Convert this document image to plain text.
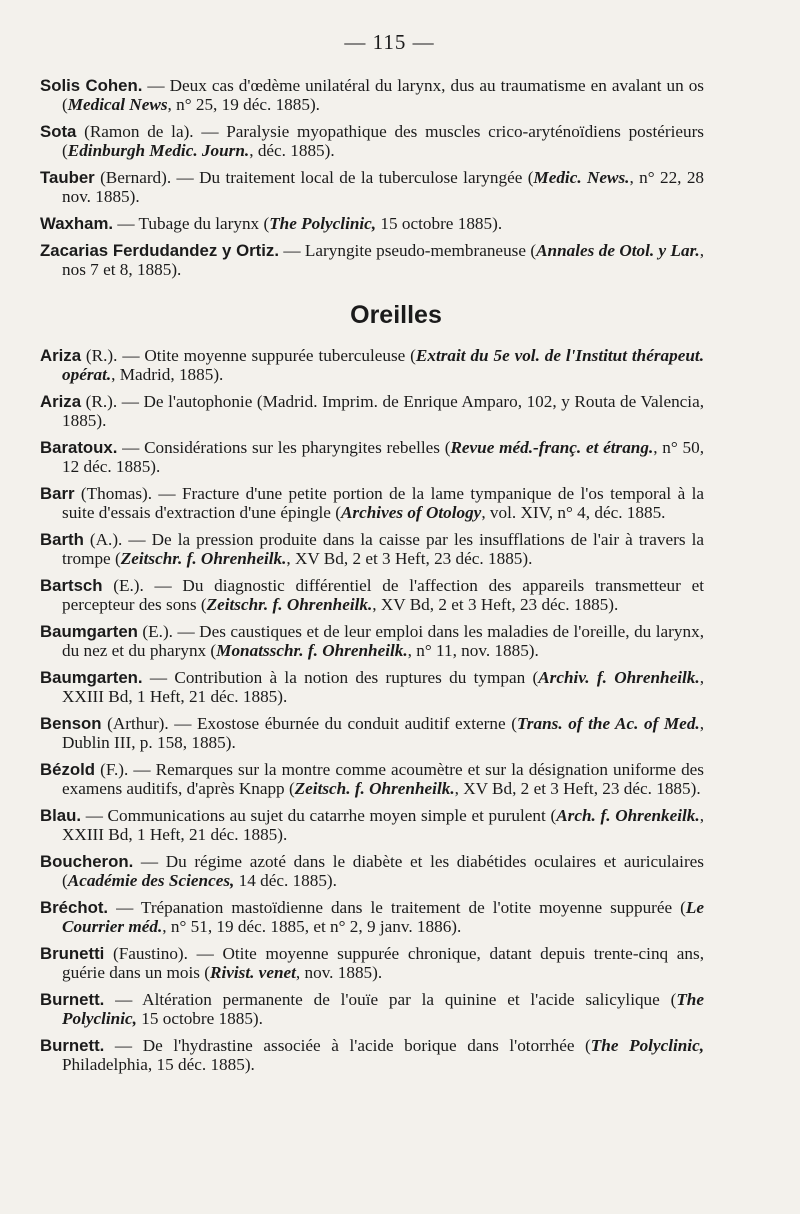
— 115 —
Solis Cohen. — Deux cas d'œdème unilatéral du larynx, dus au traumatisme en avalant un os (Medical News, n° 25, 19 déc. 1885).
Sota (Ramon de la). — Paralysie myopathique des muscles crico-aryténoïdiens postérieurs (Edinburgh Medic. Journ., déc. 1885).
Tauber (Bernard). — Du traitement local de la tuberculose laryngée (Medic. News., n° 22, 28 nov. 1885).
Waxham. — Tubage du larynx (The Polyclinic, 15 octobre 1885).
Zacarias Ferdudandez y Ortiz. — Laryngite pseudo-membraneuse (Annales de Otol. y Lar., nos 7 et 8, 1885).
Oreilles
Ariza (R.). — Otite moyenne suppurée tuberculeuse (Extrait du 5e vol. de l'Institut thérapeut. opérat., Madrid, 1885).
Ariza (R.). — De l'autophonie (Madrid. Imprim. de Enrique Amparo, 102, y Routa de Valencia, 1885).
Baratoux. — Considérations sur les pharyngites rebelles (Revue méd.-franç. et étrang., n° 50, 12 déc. 1885).
Barr (Thomas). — Fracture d'une petite portion de la lame tympanique de l'os temporal à la suite d'essais d'extraction d'une épingle (Archives of Otology, vol. XIV, n° 4, déc. 1885.
Barth (A.). — De la pression produite dans la caisse par les insufflations de l'air à travers la trompe (Zeitschr. f. Ohrenheilk., XV Bd, 2 et 3 Heft, 23 déc. 1885).
Bartsch (E.). — Du diagnostic différentiel de l'affection des appareils transmetteur et percepteur des sons (Zeitschr. f. Ohrenheilk., XV Bd, 2 et 3 Heft, 23 déc. 1885).
Baumgarten (E.). — Des caustiques et de leur emploi dans les maladies de l'oreille, du larynx, du nez et du pharynx (Monatsschr. f. Ohrenheilk., n° 11, nov. 1885).
Baumgarten. — Contribution à la notion des ruptures du tympan (Archiv. f. Ohrenheilk., XXIII Bd, 1 Heft, 21 déc. 1885).
Benson (Arthur). — Exostose éburnée du conduit auditif externe (Trans. of the Ac. of Med., Dublin III, p. 158, 1885).
Bézold (F.). — Remarques sur la montre comme acoumètre et sur la désignation uniforme des examens auditifs, d'après Knapp (Zeitsch. f. Ohrenheilk., XV Bd, 2 et 3 Heft, 23 déc. 1885).
Blau. — Communications au sujet du catarrhe moyen simple et purulent (Arch. f. Ohrenkeilk., XXIII Bd, 1 Heft, 21 déc. 1885).
Boucheron. — Du régime azoté dans le diabète et les diabétides oculaires et auriculaires (Académie des Sciences, 14 déc. 1885).
Bréchot. — Trépanation mastoïdienne dans le traitement de l'otite moyenne suppurée (Le Courrier méd., n° 51, 19 déc. 1885, et n° 2, 9 janv. 1886).
Brunetti (Faustino). — Otite moyenne suppurée chronique, datant depuis trente-cinq ans, guérie dans un mois (Rivist. venet, nov. 1885).
Burnett. — Altération permanente de l'ouïe par la quinine et l'acide salicylique (The Polyclinic, 15 octobre 1885).
Burnett. — De l'hydrastine associée à l'acide borique dans l'otorrhée (The Polyclinic, Philadelphia, 15 déc. 1885).
